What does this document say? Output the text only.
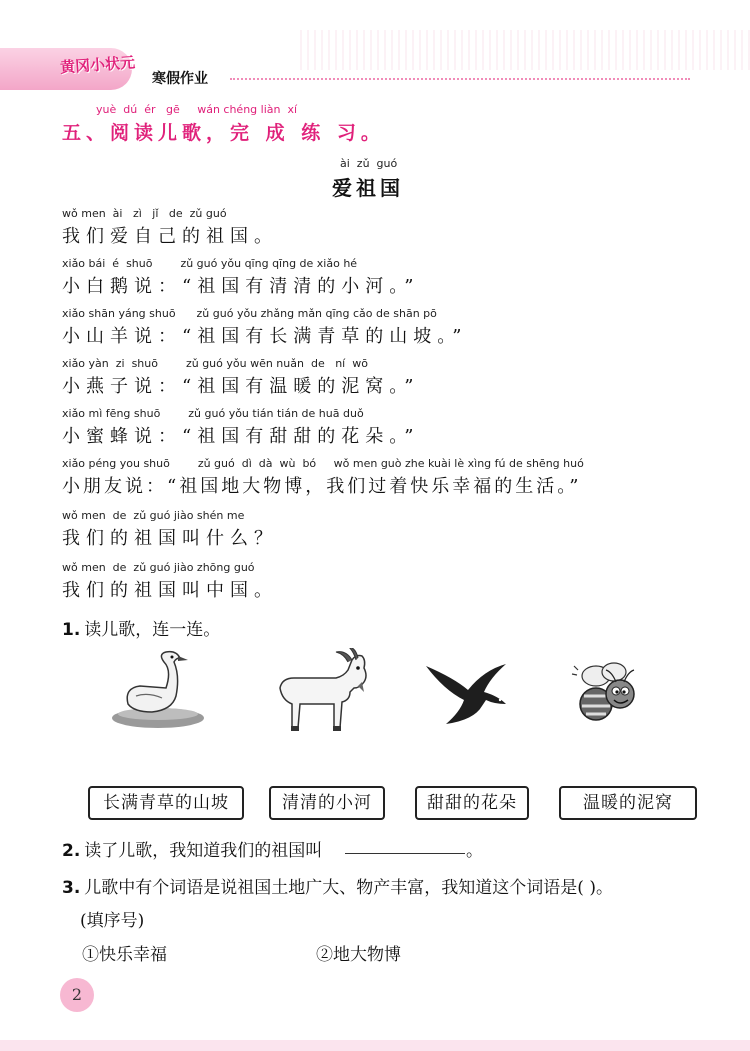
黄冈小状元
寒假作业
yuè  dú  ér   gē     wán chéng liàn  xí
五、阅读儿歌，完 成 练 习。
ài  zǔ  guó
爱祖国
wǒ men  ài   zì   jǐ   de  zǔ guó
我们爱自己的祖国。
xiǎo bái  é  shuō        zǔ guó yǒu qīng qīng de xiǎo hé
小白鹅说：“祖国有清清的小河。”
xiǎo shān yáng shuō      zǔ guó yǒu zhǎng mǎn qīng cǎo de shān pō
小山羊说：“祖国有长满青草的山坡。”
xiǎo yàn  zi  shuō        zǔ guó yǒu wēn nuǎn  de   ní  wō
小燕子说：“祖国有温暖的泥窝。”
xiǎo mì fēng shuō        zǔ guó yǒu tián tián de huā duǒ
小蜜蜂说：“祖国有甜甜的花朵。”
xiǎo péng you shuō        zǔ guó  dì  dà  wù  bó     wǒ men guò zhe kuài lè xìng fú de shēng huó
小朋友说：“祖国地大物博，我们过着快乐幸福的生活。”
wǒ men  de  zǔ guó jiào shén me
我们的祖国叫什么？
wǒ men  de  zǔ guó jiào zhōng guó
我们的祖国叫中国。
1. 读儿歌，连一连。
长满青草的山坡	清清的小河	甜甜的花朵	温暖的泥窝
2. 读了儿歌，我知道我们的祖国叫	。
3. 儿歌中有个词语是说祖国土地广大、物产丰富，我知道这个词语是( )。
(填序号)
①快乐幸福	②地大物博
2
